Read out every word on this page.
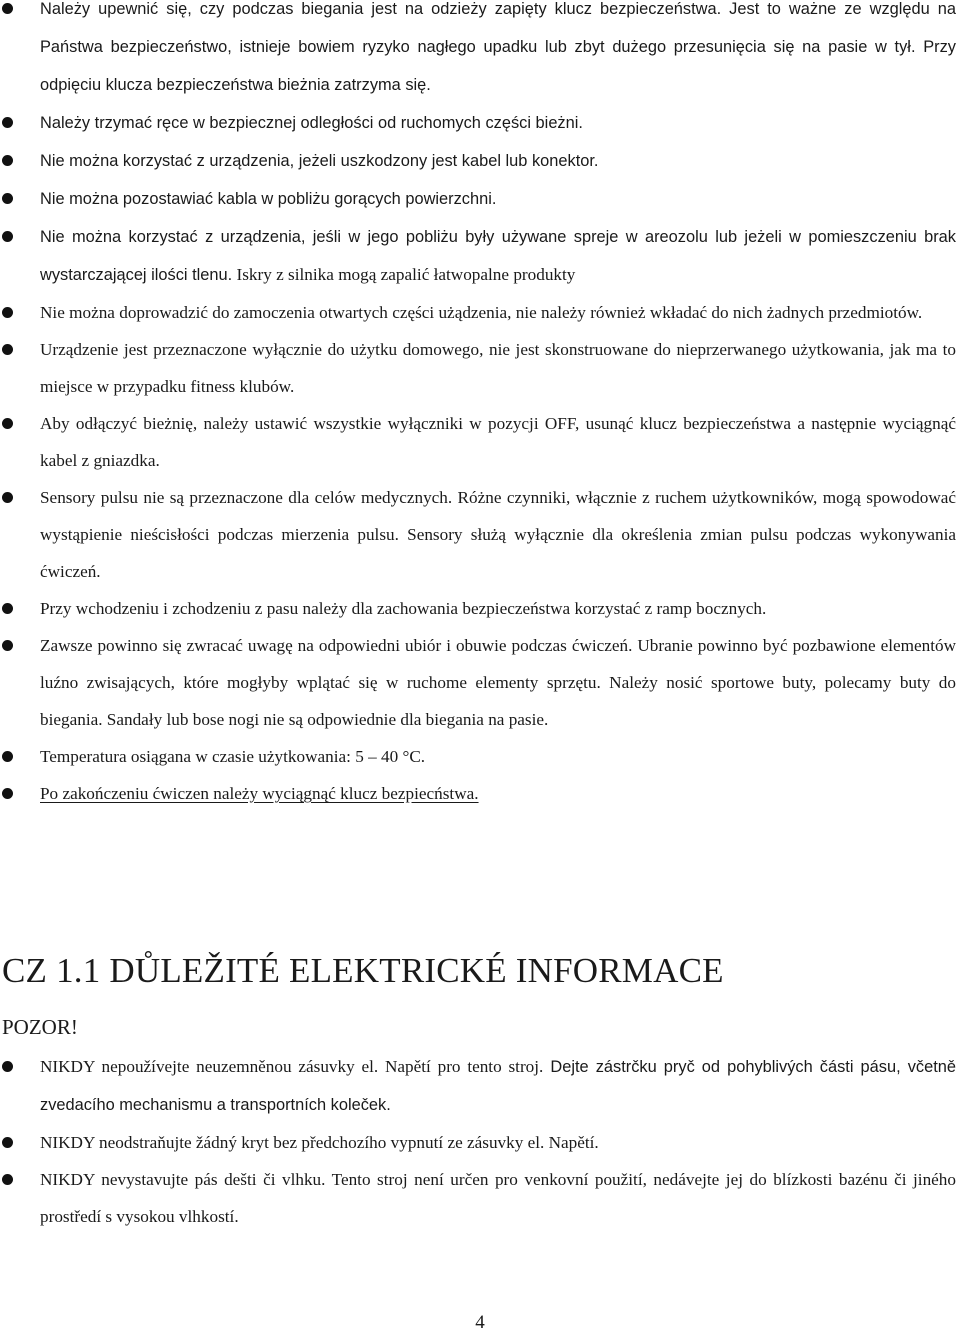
Należy upewnić się, czy podczas biegania jest na odzieży zapięty klucz bezpieczeństwa. Jest to ważne ze względu na Państwa bezpieczeństwo, istnieje bowiem ryzyko nagłego upadku lub zbyt dużego przesunięcia się na pasie w tył. Przy odpięciu klucza bezpieczeństwa bieżnia zatrzyma się.
Należy trzymać ręce w bezpiecznej odległości od ruchomych części bieżni.
Nie można korzystać z urządzenia, jeżeli uszkodzony jest kabel lub konektor.
Nie można pozostawiać kabla w pobliżu gorących powierzchni.
Nie można korzystać z urządzenia, jeśli w jego pobliżu były używane spreje w areozolu lub jeżeli w pomieszczeniu brak wystarczającej ilości tlenu. Iskry z silnika mogą zapalić łatwopalne produkty
Nie można doprowadzić do zamoczenia otwartych części użądzenia, nie należy również wkładać do nich żadnych przedmiotów.
Urządzenie jest przeznaczone wyłącznie do użytku domowego, nie jest skonstruowane do nieprzerwanego użytkowania, jak ma to miejsce w przypadku fitness klubów.
Aby odłączyć bieżnię, należy ustawić wszystkie wyłączniki w pozycji OFF, usunąć klucz bezpieczeństwa a następnie wyciągnąć kabel z gniazdka.
Sensory pulsu nie są przeznaczone dla celów medycznych. Różne czynniki, włącznie z ruchem użytkowników, mogą spowodować wystąpienie nieścisłości podczas mierzenia pulsu. Sensory służą wyłącznie dla określenia zmian pulsu podczas wykonywania ćwiczeń.
Przy wchodzeniu i zchodzeniu z pasu należy dla zachowania bezpieczeństwa korzystać z ramp bocznych.
Zawsze powinno się zwracać uwagę na odpowiedni ubiór i obuwie podczas ćwiczeń. Ubranie powinno być pozbawione elementów luźno zwisających, które mogłyby wplątać się w ruchome elementy sprzętu. Należy nosić sportowe buty, polecamy buty do biegania. Sandały lub bose nogi nie są odpowiednie dla biegania na pasie.
Temperatura osiągana w czasie użytkowania: 5 – 40 °C.
Po zakończeniu ćwiczen należy wyciągnąć klucz bezpiecństwa.
CZ 1.1 DŮLEŽITÉ ELEKTRICKÉ INFORMACE
POZOR!
NIKDY nepoužívejte neuzemněnou zásuvky el. Napětí pro tento stroj. Dejte zástrčku pryč od pohyblivých části pásu, včetně zvedacího mechanismu a transportních koleček.
NIKDY neodstraňujte žádný kryt bez předchozího vypnutí ze zásuvky el. Napětí.
NIKDY nevystavujte pás dešti či vlhku. Tento stroj není určen pro venkovní použití, nedávejte jej do blízkosti bazénu či jiného prostředí s vysokou vlhkostí.
4
